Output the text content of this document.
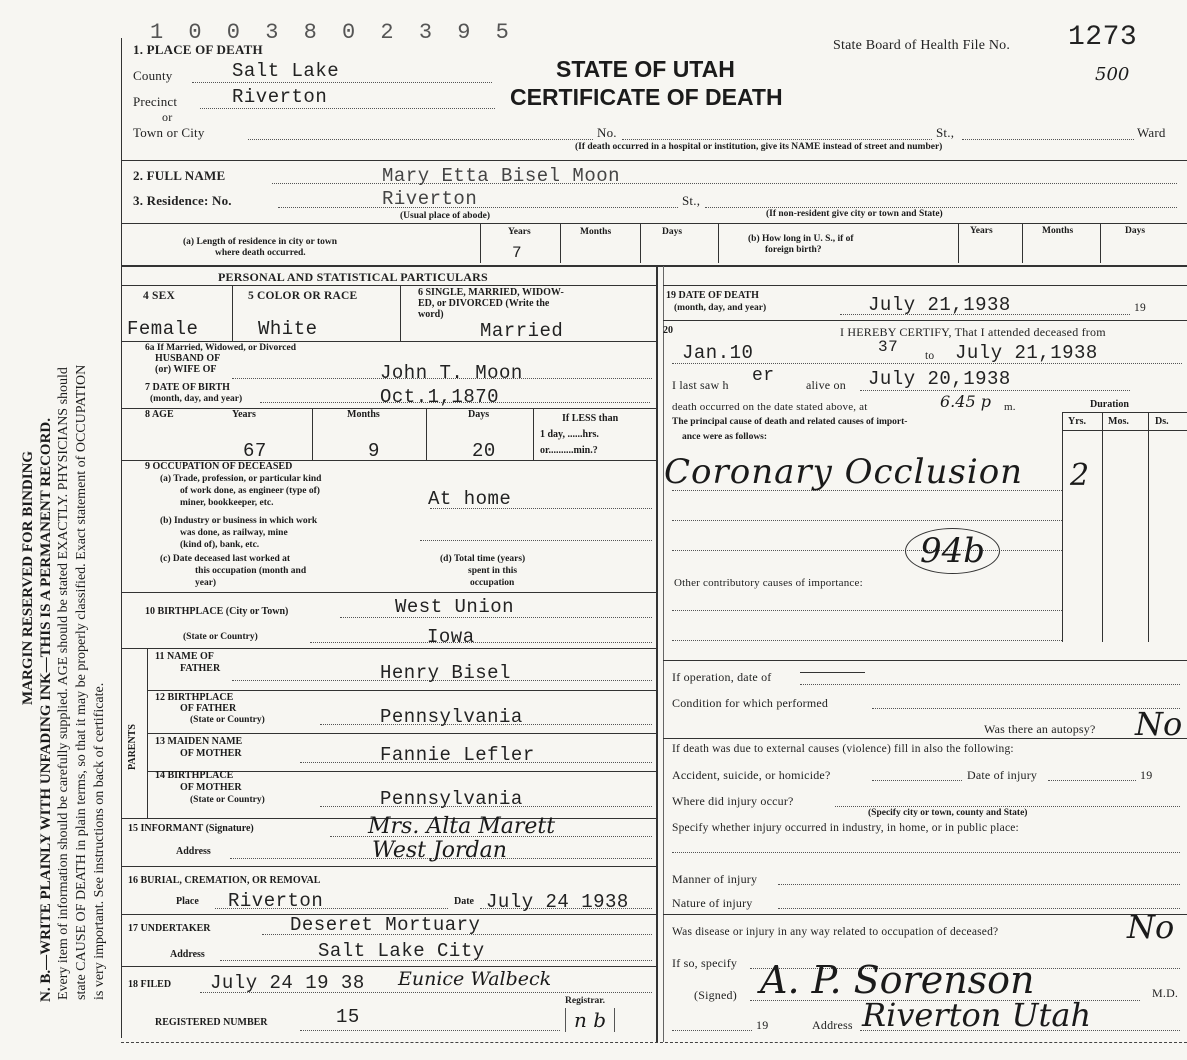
MARGIN RESERVED FOR BINDING N. B.—WRITE PLAINLY WITH UNFADING INK—THIS IS A PERMANENT RECORD. Every item of information should be carefully supplied. AGE should be stated EXACTLY. PHYSICIANS should state CAUSE OF DEATH in plain terms, so that it may be properly classified. Exact statement of OCCUPATION is very important. See instructions on back of certificate.
1 0 0 3 8 0 2 3 9 5
State Board of Health File No. 1273
500
STATE OF UTAH
CERTIFICATE OF DEATH
1. PLACE OF DEATH
County	Salt Lake
Precinct	Riverton
or
Town or City	No.	St.,	Ward
(If death occurred in a hospital or institution, give its NAME instead of street and number)
2. FULL NAME	Mary Etta Bisel Moon
3. Residence: No.	Riverton	St.,
(Usual place of abode)	(If non-resident give city or town and State)
(a) Length of residence in city or town
where death occurred.
Years	Months	Days
7
(b) How long in U. S., if of
foreign birth?
Years	Months	Days
PERSONAL AND STATISTICAL PARTICULARS
4 SEX	5 COLOR OR RACE	6 SINGLE, MARRIED, WIDOW-
ED, or DIVORCED (Write the
word)
Female	White	Married
6a If Married, Widowed, or Divorced
HUSBAND OF
(or) WIFE OF	John T. Moon
7 DATE OF BIRTH
(month, day, and year)	Oct.1,1870
8 AGE	Years	Months	Days
67	9	20
If LESS than
1 day, ......hrs.
or..........min.?
9 OCCUPATION OF DECEASED
(a) Trade, profession, or particular kind
of work done, as engineer (type of)
miner, bookkeeper, etc.	At home
(b) Industry or business in which work
was done, as railway, mine
(kind of), bank, etc.
(c) Date deceased last worked at
this occupation (month and
year)
(d) Total time (years)
spent in this
occupation
10 BIRTHPLACE (City or Town)	West Union
(State or Country)	Iowa
PARENTS
11 NAME OF
FATHER	Henry Bisel
12 BIRTHPLACE
OF FATHER
(State or Country)	Pennsylvania
13 MAIDEN NAME
OF MOTHER	Fannie Lefler
14 BIRTHPLACE
OF MOTHER
(State or Country)	Pennsylvania
15 INFORMANT (Signature)	Mrs. Alta Marett
Address	West Jordan
16 BURIAL, CREMATION, OR REMOVAL
Place Riverton	Date July 24 1938
17 UNDERTAKER	Deseret Mortuary
Address	Salt Lake City
18 FILED July 24 19 38 Eunice Walbeck
Registrar.
REGISTERED NUMBER	15	n b
19 DATE OF DEATH
(month, day, and year)	July 21,1938	19
20	I HEREBY CERTIFY, That I attended deceased from
Jan.10	37 to July 21,1938
I last saw h er	alive on July 20,1938
death occurred on the date stated above, at	6.45 p m.	Duration
The principal cause of death and related causes of import-
ance were as follows:
Yrs. Mos.	Ds.
Coronary Occlusion 2
94b
Other contributory causes of importance:
If operation, date of
Condition for which performed
Was there an autopsy? No
If death was due to external causes (violence) fill in also the following:
Accident, suicide, or homicide?	Date of injury	19
Where did injury occur?
(Specify city or town, county and State)
Specify whether injury occurred in industry, in home, or in public place:
Manner of injury
Nature of injury
Was disease or injury in any way related to occupation of deceased?	No
If so, specify
(Signed) A. P. Sorenson	M.D.
19	Address Riverton Utah
